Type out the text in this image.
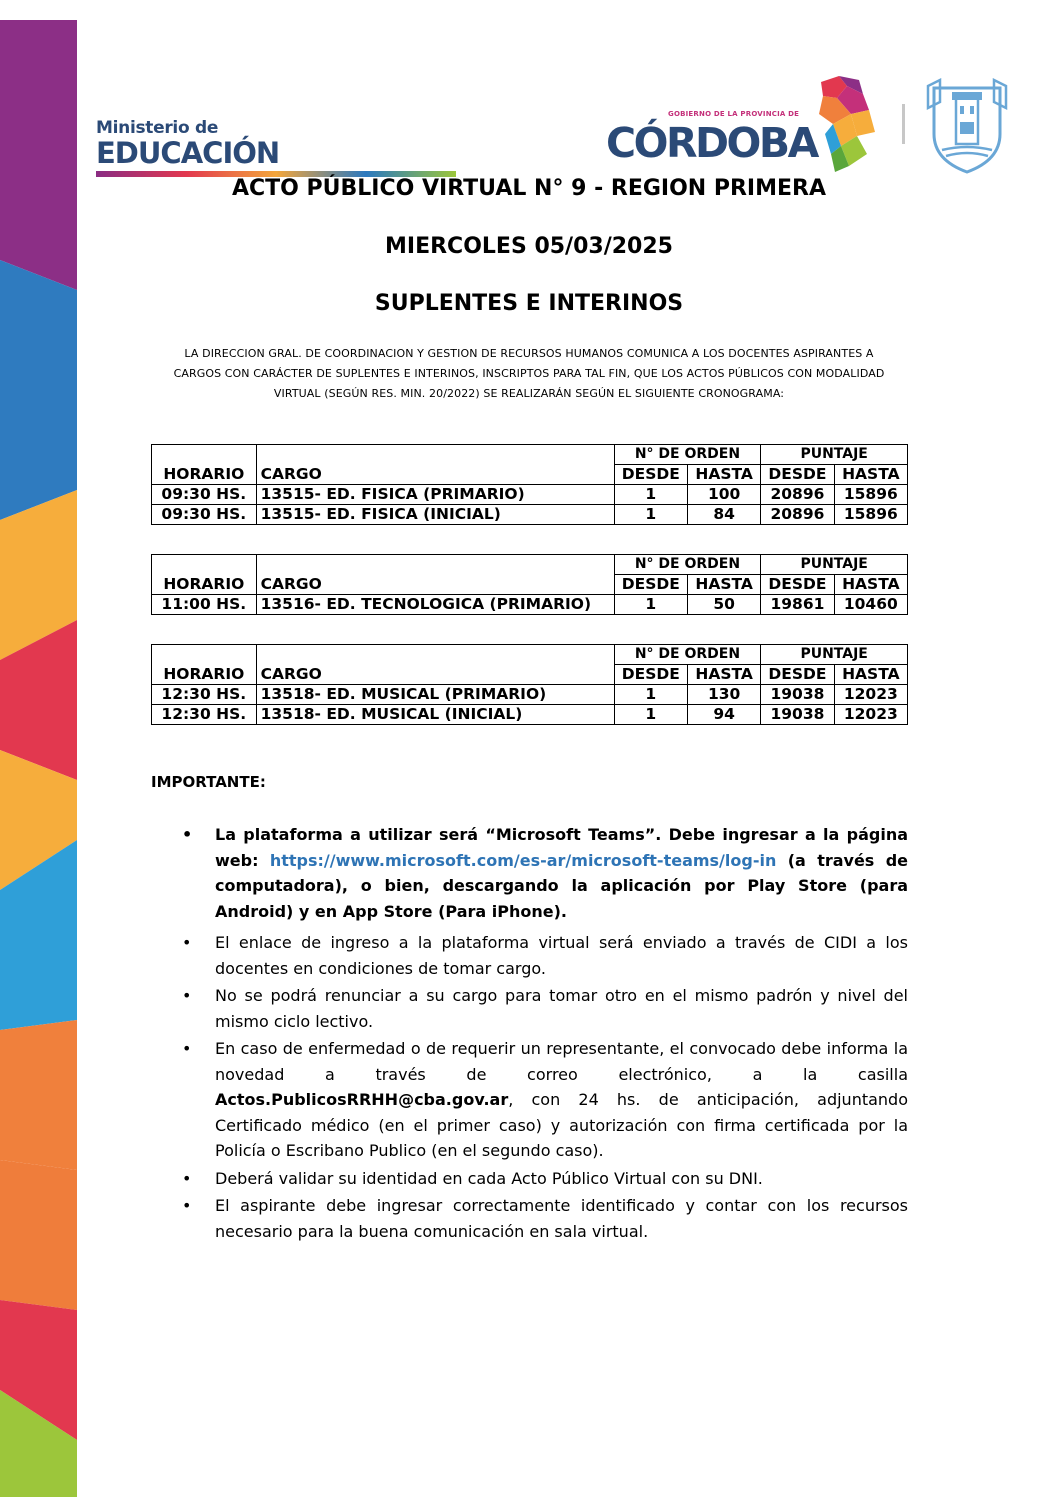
Ministerio de
EDUCACIÓN
GOBIERNO DE LA PROVINCIA DE
CÓRDOBA
ACTO PÚBLICO VIRTUAL N° 9 - REGION PRIMERA
MIERCOLES 05/03/2025
SUPLENTES E INTERINOS
LA DIRECCION GRAL. DE COORDINACION Y GESTION DE RECURSOS HUMANOS COMUNICA A LOS DOCENTES ASPIRANTES A CARGOS CON CARÁCTER DE SUPLENTES E INTERINOS, INSCRIPTOS PARA TAL FIN, QUE LOS ACTOS PÚBLICOS CON MODALIDAD VIRTUAL (SEGÚN RES. MIN. 20/2022) SE REALIZARÁN SEGÚN EL SIGUIENTE CRONOGRAMA:
HORARIO	CARGO	N° DE ORDEN		PUNTAJE	
		DESDE	HASTA	DESDE	HASTA
09:30 HS.	13515- ED. FISICA (PRIMARIO)	1	100	20896	15896
09:30 HS.	13515- ED. FISICA (INICIAL)	1	84	20896	15896
HORARIO	CARGO	N° DE ORDEN		PUNTAJE	
		DESDE	HASTA	DESDE	HASTA
11:00 HS.	13516- ED. TECNOLOGICA (PRIMARIO)	1	50	19861	10460
HORARIO	CARGO	N° DE ORDEN		PUNTAJE	
		DESDE	HASTA	DESDE	HASTA
12:30 HS.	13518- ED. MUSICAL (PRIMARIO)	1	130	19038	12023
12:30 HS.	13518- ED. MUSICAL (INICIAL)	1	94	19038	12023
IMPORTANTE:
• La plataforma a utilizar será “Microsoft Teams”. Debe ingresar a la página web: https://www.microsoft.com/es-ar/microsoft-teams/log-in (a través de computadora), o bien, descargando la aplicación por Play Store (para Android) y en App Store (Para iPhone).
• El enlace de ingreso a la plataforma virtual será enviado a través de CIDI a los docentes en condiciones de tomar cargo.
• No se podrá renunciar a su cargo para tomar otro en el mismo padrón y nivel del mismo ciclo lectivo.
• En caso de enfermedad o de requerir un representante, el convocado debe informa la novedad a través de correo electrónico, a la casilla Actos.PublicosRRHH@cba.gov.ar, con 24 hs. de anticipación, adjuntando Certificado médico (en el primer caso) y autorización con firma certificada por la Policía o Escribano Publico (en el segundo caso).
• Deberá validar su identidad en cada Acto Público Virtual con su DNI.
• El aspirante debe ingresar correctamente identificado y contar con los recursos necesario para la buena comunicación en sala virtual.
